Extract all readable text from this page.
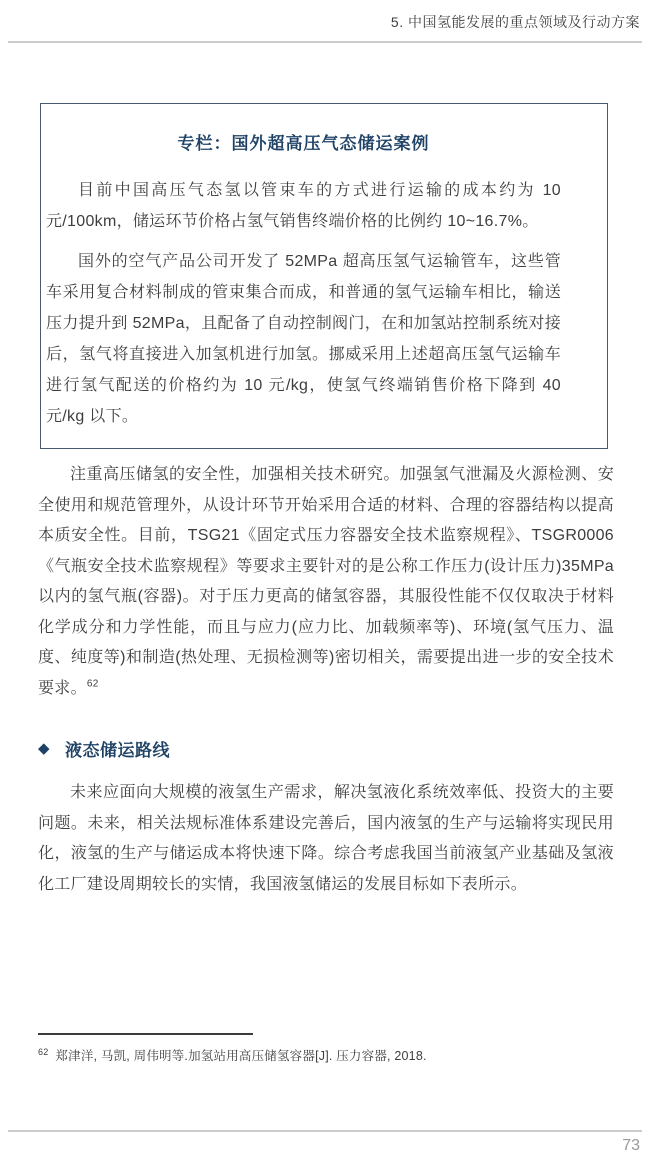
5. 中国氢能发展的重点领域及行动方案
专栏：国外超高压气态储运案例

目前中国高压气态氢以管束车的方式进行运输的成本约为 10 元/100km，储运环节价格占氢气销售终端价格的比例约 10~16.7%。

国外的空气产品公司开发了 52MPa 超高压氢气运输管车，这些管车采用复合材料制成的管束集合而成，和普通的氢气运输车相比，输送压力提升到 52MPa，且配备了自动控制阀门，在和加氢站控制系统对接后，氢气将直接进入加氢机进行加氢。挪威采用上述超高压氢气运输车进行氢气配送的价格约为 10 元/kg，使氢气终端销售价格下降到 40 元/kg 以下。

注重高压储氢的安全性，加强相关技术研究。加强氢气泄漏及火源检测、安全使用和规范管理外，从设计环节开始采用合适的材料、合理的容器结构以提高本质安全性。目前，TSG21《固定式压力容器安全技术监察规程》、TSGR0006《气瓶安全技术监察规程》等要求主要针对的是公称工作压力(设计压力)35MPa 以内的氢气瓶(容器)。对于压力更高的储氢容器，其服役性能不仅仅取决于材料化学成分和力学性能，而且与应力(应力比、加载频率等)、环境(氢气压力、温度、纯度等)和制造(热处理、无损检测等)密切相关，需要提出进一步的安全技术要求。$^{62}$

◆ 液态储运路线

未来应面向大规模的液氢生产需求，解决氢液化系统效率低、投资大的主要问题。未来，相关法规标准体系建设完善后，国内液氢的生产与运输将实现民用化，液氢的生产与储运成本将快速下降。综合考虑我国当前液氢产业基础及氢液化工厂建设周期较长的实情，我国液氢储运的发展目标如下表所示。

$^{62}$ 郑津洋, 马凯, 周伟明等.加氢站用高压储氢容器[J]. 压力容器, 2018.
73
